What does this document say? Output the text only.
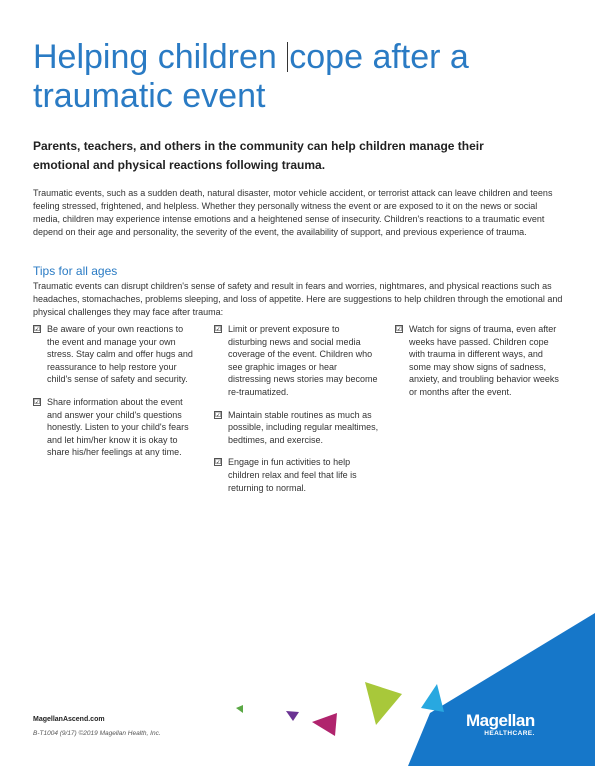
Helping children cope after a traumatic event

Parents, teachers, and others in the community can help children manage their emotional and physical reactions following trauma.

Traumatic events, such as a sudden death, natural disaster, motor vehicle accident, or terrorist attack can leave children and teens feeling stressed, frightened, and helpless. Whether they personally witness the event or are exposed to it on the news or social media, children may experience intense emotions and a heightened sense of insecurity. Children's reactions to a traumatic event depend on their age and personality, the severity of the event, the availability of support, and previous experience of trauma.

Tips for all ages

Traumatic events can disrupt children's sense of safety and result in fears and worries, nightmares, and physical reactions such as headaches, stomachaches, problems sleeping, and loss of appetite. Here are suggestions to help children through the emotional and physical challenges they may face after trauma:

☑ Be aware of your own reactions to the event and manage your own stress. Stay calm and offer hugs and reassurance to help restore your child's sense of safety and security.
☑ Share information about the event and answer your child's questions honestly. Listen to your child's fears and let him/her know it is okay to share his/her feelings at any time.
☑ Limit or prevent exposure to disturbing news and social media coverage of the event. Children who see graphic images or hear distressing news stories may become re-traumatized.
☑ Maintain stable routines as much as possible, including regular mealtimes, bedtimes, and exercise.
☑ Engage in fun activities to help children relax and feel that life is returning to normal.
☑ Watch for signs of trauma, even after weeks have passed. Children cope with trauma in different ways, and some may show signs of sadness, anxiety, and troubling behavior weeks or months after the event.
MagellanAscend.com
B-T1004 (9/17) ©2019 Magellan Health, Inc.
Magellan
HEALTHCARE.
